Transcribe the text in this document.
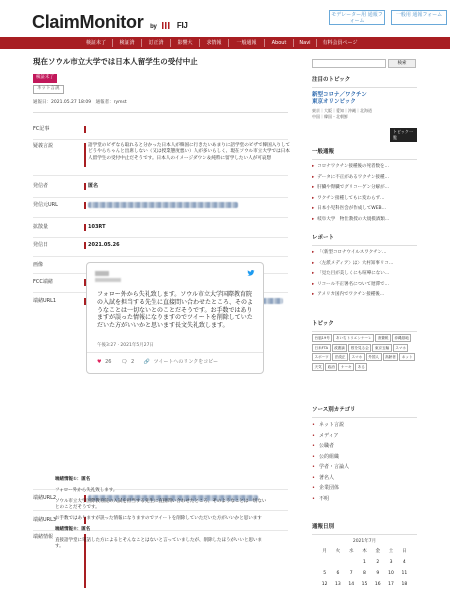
ClaimMonitor by	FIJ
モデレーター用 通報フォーム
一般用 通報フォーム
検証未了	検証済	訂正済	影響大	求情報	一般通報	About	Navi	有料会員ページ
現在ソウル市立大学では日本人留学生の受付中止
検証未了
ネット言説
通報日：2021.05.27 18:09　通報者：rymst
FC記事
疑義言説	語学堂のビザなら取れると分かった日本人が韓国に行きたいあまりに語学堂のビザで韓国入りしてどうやらちゃんと出席しない（又は授業態度悪い）人が多いらしく、現在ソウル市立大学では日本人留学生の受付中止だそうです。日本人のイメージダウン＆純粋に留学したい人が可哀想
発信者	匿名
発信元URL
拡散量	103RT
発信日	2021.05.26
画像
FCC端緒
端緒URL1
端緒URL2
端緒URL3
端緒情報
フォロー外から失礼致します。ソウル市立大学国際教育院の入試を担当する先生に直接問い合わせたところ、そのようなことは一切ないとのことだそうです。お手数ではありますが誤った情報になりますのでツイートを削除していただいた方がいいかと思います長文失礼致します。
午後3:27 · 2021年5月27日
♥ 26 🗨 2 🔗 ツイートへのリンクをコピー

端緒情報①：匿名

フォロー外から失礼致します。

ソウル市立大学国際教育院の入試を担当する先生に直接問い合わせたところ、そのようなことは一切ないとのことだそうです。

お手数ではありますが誤った情報になりますのでツイートを削除していただいた方がいいかと思います

端緒情報②：匿名

直接語学堂に電話した方によるとそんなことはないと言っていましたが、削除したほうがいいと思います。

検索
注目のトピック
新型コロナ／ワクチン
東京オリンピック
東京｜大阪｜愛知｜沖縄｜北海道
中国｜韓国・北朝鮮
トピック一覧
一般通報
▸ コロナワクチン接種後の死者数を…
▸ データに不正があるワクチン接種…
▸ 肝臓や腎臓でグリコーゲン分解が…
▸ ワクチン接種してもに変わらず…
▸ 日本小児科医会が作成してWEB…
▸ 岐阜大学　物仕教授の大規模酒類…
レポート
▸ 「〈新型コロナウイルスワクチン…
▸ 〈左派メディア〉は〉大村知事リコ…
▸ 「見た目が美しくにも喧嘩にない…
▸ リコール不正署名について遅滞で…
▸ アメリカ国内でワクチン接種後…
トピック
台風19号 あいちトリエンナーレ 消費税 沖縄基地日米FTA 改憲論 桜を見る会 東京五輪 スマホスポーツ 法改正 スマホ 外国人 高齢者 ネット天気 政治 ケーキ ある
ソース別カテゴリ
• ネット言説
• メディア
• 公職者
• 公的組織
• 学者・言論人
• 著名人
• 企業団体
• 不明
通報日別
2021年7月
月	火	水	木	金	土	日
			1	2	3	4
5	6	7	8	9	10	11
12	13	14	15	16	17	18
